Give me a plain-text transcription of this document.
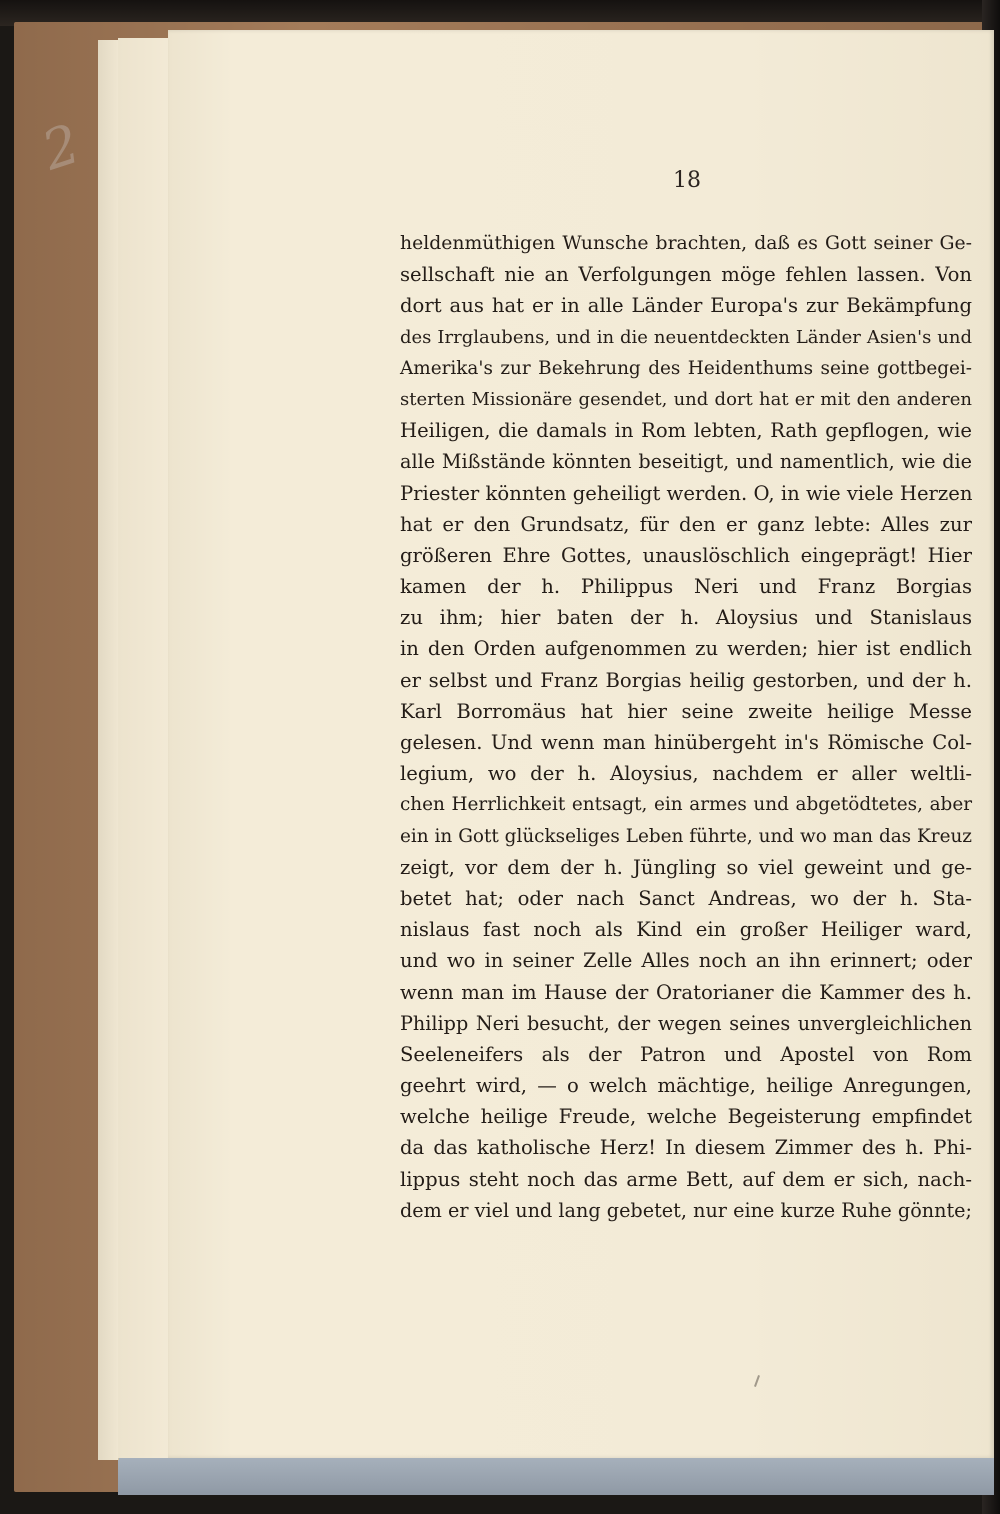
2	18
heldenmüthigen Wunsche brachten, daß es Gott seiner Ge-
sellschaft nie an Verfolgungen möge fehlen lassen. Von
dort aus hat er in alle Länder Europa's zur Bekämpfung
des Irrglaubens, und in die neuentdeckten Länder Asien's und
Amerika's zur Bekehrung des Heidenthums seine gottbegei-
sterten Missionäre gesendet, und dort hat er mit den anderen
Heiligen, die damals in Rom lebten, Rath gepflogen, wie
alle Mißstände könnten beseitigt, und namentlich, wie die
Priester könnten geheiligt werden. O, in wie viele Herzen
hat er den Grundsatz, für den er ganz lebte: Alles zur
größeren Ehre Gottes, unauslöschlich eingeprägt! Hier
kamen der h. Philippus Neri und Franz Borgias
zu ihm; hier baten der h. Aloysius und Stanislaus
in den Orden aufgenommen zu werden; hier ist endlich
er selbst und Franz Borgias heilig gestorben, und der h.
Karl Borromäus hat hier seine zweite heilige Messe
gelesen. Und wenn man hinübergeht in's Römische Col-
legium, wo der h. Aloysius, nachdem er aller weltli-
chen Herrlichkeit entsagt, ein armes und abgetödtetes, aber
ein in Gott glückseliges Leben führte, und wo man das Kreuz
zeigt, vor dem der h. Jüngling so viel geweint und ge-
betet hat; oder nach Sanct Andreas, wo der h. Sta-
nislaus fast noch als Kind ein großer Heiliger ward,
und wo in seiner Zelle Alles noch an ihn erinnert; oder
wenn man im Hause der Oratorianer die Kammer des h.
Philipp Neri besucht, der wegen seines unvergleichlichen
Seeleneifers als der Patron und Apostel von Rom
geehrt wird, — o welch mächtige, heilige Anregungen,
welche heilige Freude, welche Begeisterung empfindet
da das katholische Herz! In diesem Zimmer des h. Phi-
lippus steht noch das arme Bett, auf dem er sich, nach-
dem er viel und lang gebetet, nur eine kurze Ruhe gönnte;
